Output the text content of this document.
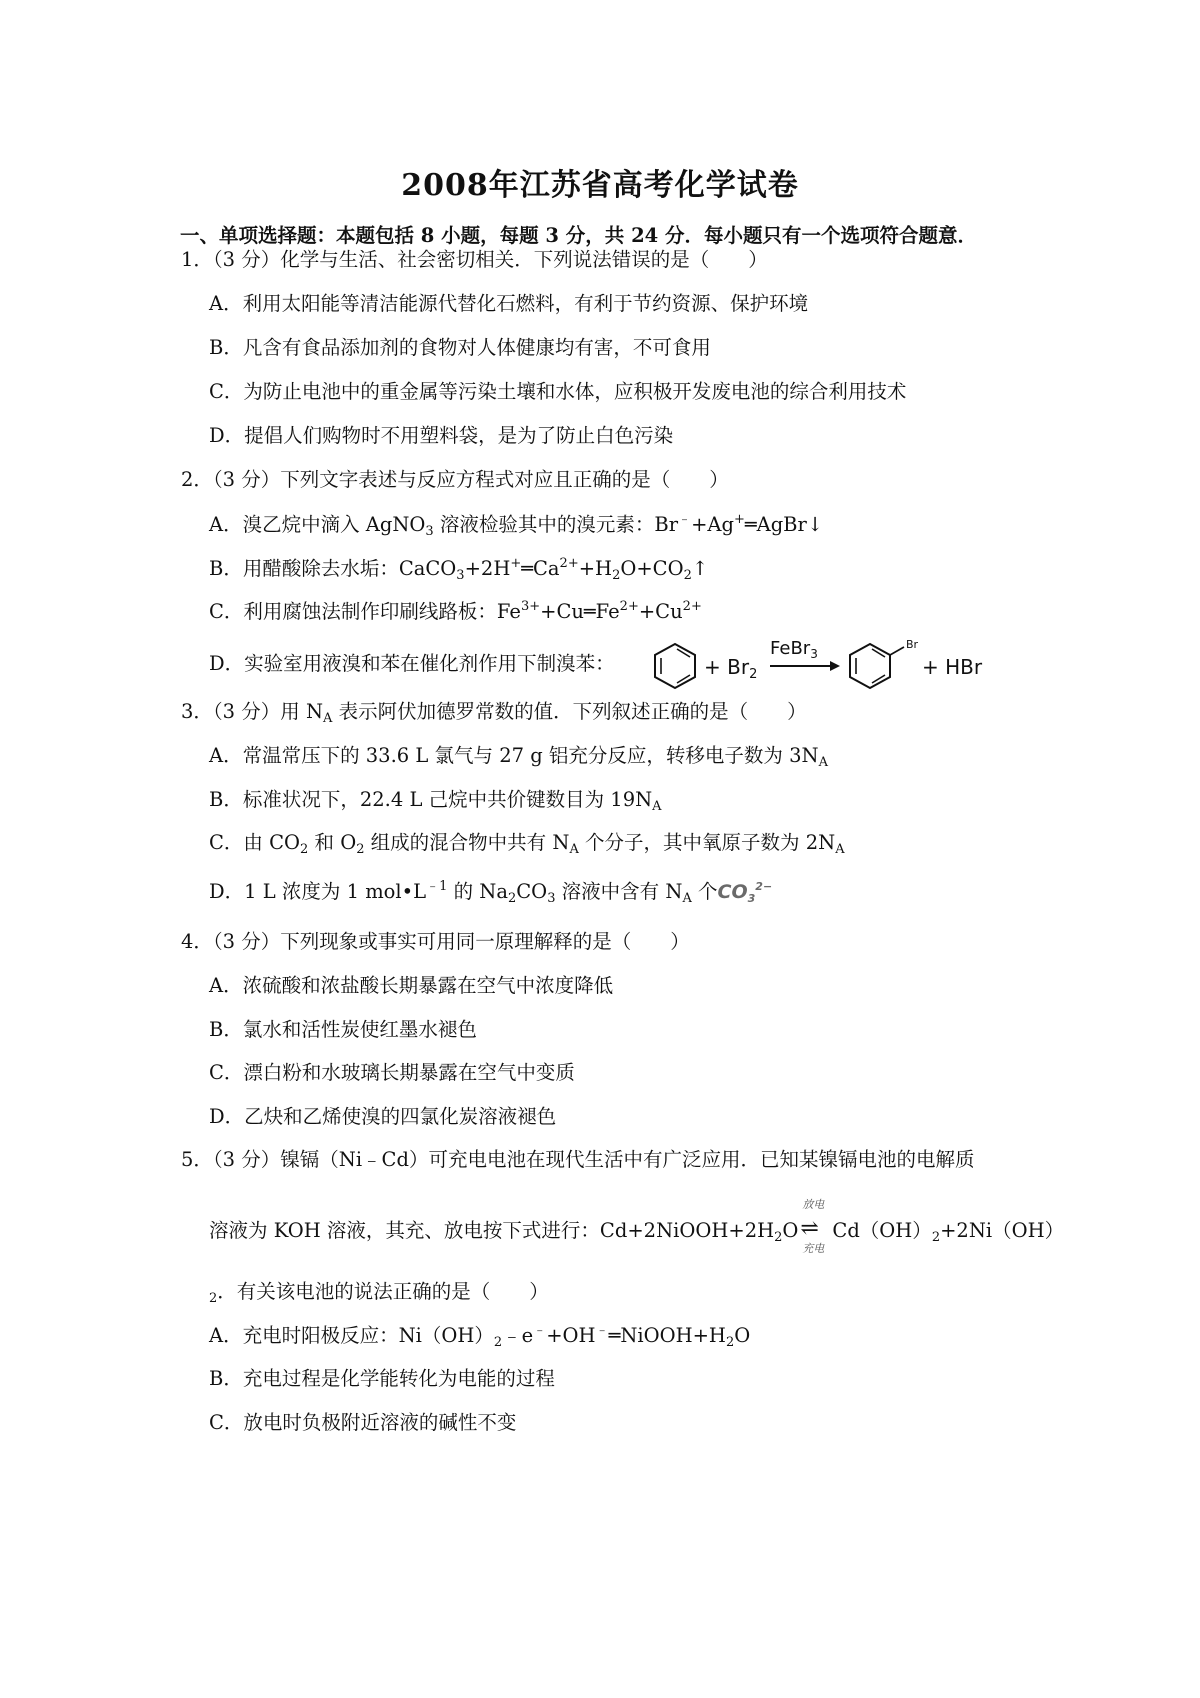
2008年江苏省高考化学试卷
一、单项选择题：本题包括 8 小题，每题 3 分，共 24 分．每小题只有一个选项符合题意．
1．（3 分）化学与生活、社会密切相关．下列说法错误的是（　　）
A．利用太阳能等清洁能源代替化石燃料，有利于节约资源、保护环境
B．凡含有食品添加剂的食物对人体健康均有害，不可食用
C．为防止电池中的重金属等污染土壤和水体，应积极开发废电池的综合利用技术
D．提倡人们购物时不用塑料袋，是为了防止白色污染
2．（3 分）下列文字表述与反应方程式对应且正确的是（　　）
A．溴乙烷中滴入 AgNO$_3$ 溶液检验其中的溴元素：Br﹣+Ag+═AgBr↓
B．用醋酸除去水垢：$CaCO_3+2H^+═Ca^{2+}+H_2O+CO_2↑$
C．利用腐蚀法制作印刷线路板：$Fe^{3+}+Cu═Fe^{2+}+Cu^{2+}$
D．实验室用液溴和苯在催化剂作用下制溴苯：	+ $Br_2$
FeBr$_3$
Br
+ HBr
3．（3 分）用 $N_A$ 表示阿伏加德罗常数的值．下列叙述正确的是（　　）
A．常温常压下的 33.6 L 氯气与 27 g 铝充分反应，转移电子数为 $3N_A$
B．标准状况下，22.4 L 己烷中共价键数目为 $19N_A$
C．由 $CO_2$ 和 $O_2$ 组成的混合物中共有 $N_A$ 个分子，其中氧原子数为 $2N_A$
D．1 L 浓度为 1 $mol•L^{﹣1}$ 的 $Na_2CO_3$ 溶液中含有 $N_A$ 个$CO_3^{2-}$
4．（3 分）下列现象或事实可用同一原理解释的是（　　）
A．浓硫酸和浓盐酸长期暴露在空气中浓度降低
B．氯水和活性炭使红墨水褪色
C．漂白粉和水玻璃长期暴露在空气中变质
D．乙炔和乙烯使溴的四氯化炭溶液褪色
5．（3 分）镍镉（Ni﹣Cd）可充电电池在现代生活中有广泛应用．已知某镍镉电池的电解质
溶液为 KOH 溶液，其充、放电按下式进行：$Cd+2NiOOH+2H_2O$
放电
⇌
充电
$Cd(OH)_2+2Ni(OH)$
$_2$．有关该电池的说法正确的是（　　）
A．充电时阳极反应：$Ni(OH)_2﹣e^﹣+OH^﹣═NiOOH+H_2O$
B．充电过程是化学能转化为电能的过程
C．放电时负极附近溶液的碱性不变
